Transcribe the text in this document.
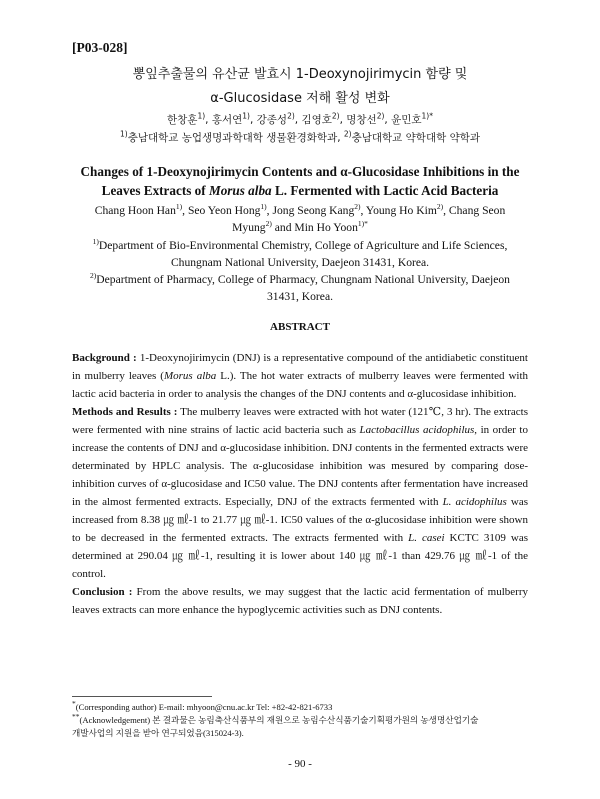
[P03-028]
뽕잎추출물의 유산균 발효시 1-Deoxynojirimycin 함량 및
α-Glucosidase 저해 활성 변화
한창훈$^{1)}$, 홍서연$^{1)}$, 강종성$^{2)}$, 김영호$^{2)}$, 명창선$^{2)}$, 윤민호$^{1)*}$
$^{1)}$충남대학교 농업생명과학대학 생물환경화학과, $^{2)}$충남대학교 약학대학 약학과
Changes of 1-Deoxynojirimycin Contents and α-Glucosidase Inhibitions in the
Leaves Extracts of Morus alba L. Fermented with Lactic Acid Bacteria
Chang Hoon Han$^{1)}$, Seo Yeon Hong$^{1)}$, Jong Seong Kang$^{2)}$, Young Ho Kim$^{2)}$, Chang Seon
Myung$^{2)}$ and Min Ho Yoon$^{1)*}$
$^{1)}$Department of Bio-Environmental Chemistry, College of Agriculture and Life Sciences,
Chungnam National University, Daejeon 31431, Korea.
$^{2)}$Department of Pharmacy, College of Pharmacy, Chungnam National University, Daejeon
31431, Korea.
ABSTRACT

Background : 1-Deoxynojirimycin (DNJ) is a representative compound of the antidiabetic constituent in mulberry leaves (Morus alba L.). The hot water extracts of mulberry leaves were fermented with lactic acid bacteria in order to analysis the changes of the DNJ contents and α-glucosidase inhibition.

Methods and Results : The mulberry leaves were extracted with hot water (121℃, 3 hr). The extracts were fermented with nine strains of lactic acid bacteria such as Lactobacillus acidophilus, in order to increase the contents of DNJ and α-glucosidase inhibition. DNJ contents in the fermented extracts were determinated by HPLC analysis. The α-glucosidase inhibition was mesured by comparing dose-inhibition curves of α-glucosidase and IC50 value. The DNJ contents after fermentation have increased in the almost fermented extracts. Especially, DNJ of the extracts fermented with L. acidophilus was increased from 8.38 ㎍ ㎖-1 to 21.77 ㎍ ㎖-1. IC50 values of the α-glucosidase inhibition were shown to be decreased in the fermented extracts. The extracts fermented with L. casei KCTC 3109 was determined at 290.04 ㎍ ㎖-1, resulting it is lower about 140 ㎍ ㎖-1 than 429.76 ㎍ ㎖-1 of the control.

Conclusion : From the above results, we may suggest that the lactic acid fermentation of mulberry leaves extracts can more enhance the hypoglycemic activities such as DNJ contents.

*(Corresponding author) E-mail: mhyoon@cnu.ac.kr Tel: +82-42-821-6733
**(Acknowledgement) 본 결과물은 농림축산식품부의 재원으로 농림수산식품기술기획평가원의 농생명산업기술
개발사업의 지원을 받아 연구되었음(315024-3).
- 90 -
